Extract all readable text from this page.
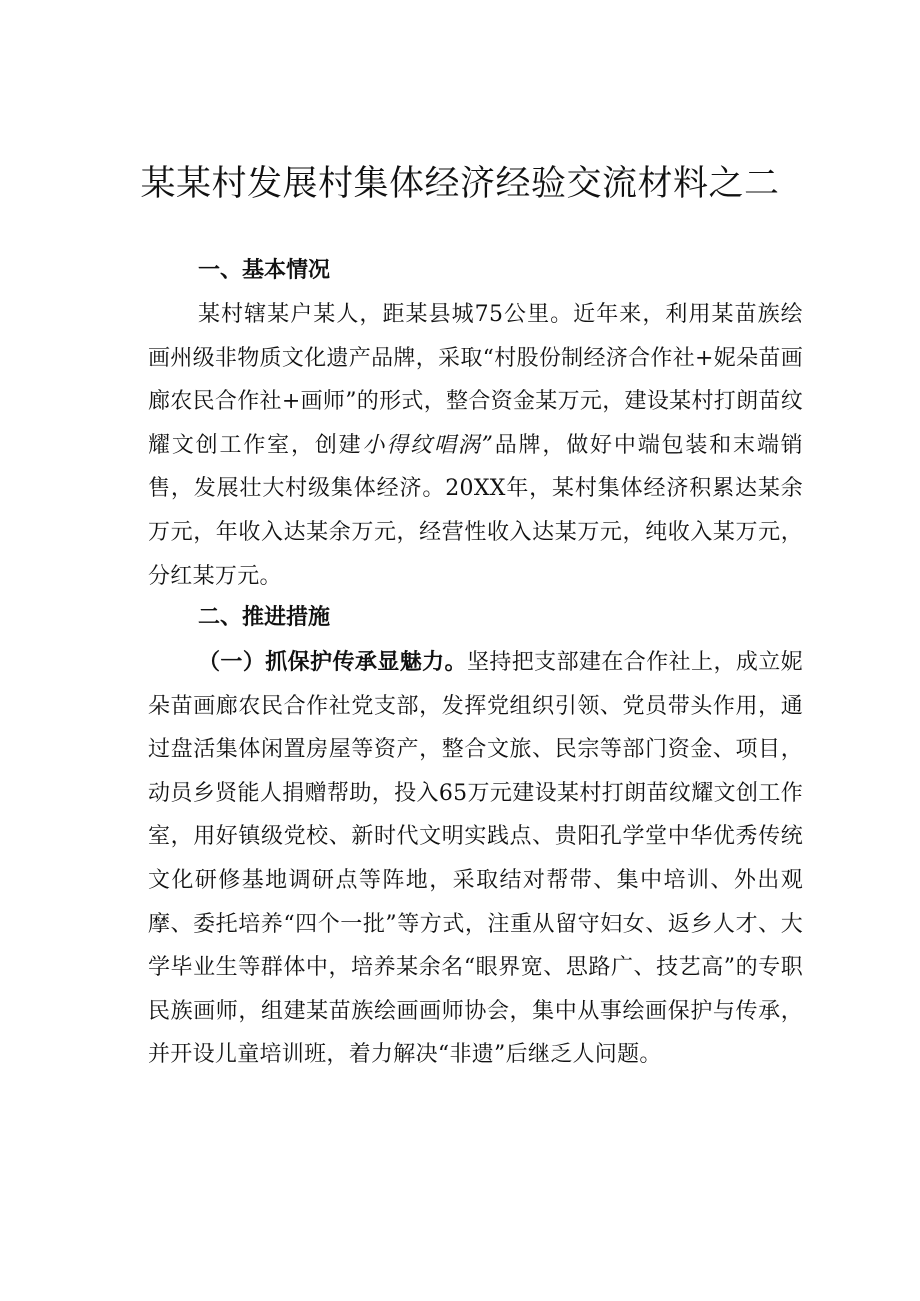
某某村发展村集体经济经验交流材料之二
一、基本情况

某村辖某户某人，距某县城75公里。近年来，利用某苗族绘画州级非物质文化遗产品牌，采取“村股份制经济合作社+妮朵苗画廊农民合作社+画师”的形式，整合资金某万元，建设某村打朗苗纹耀文创工作室，创建小得纹唱涡”品牌，做好中端包装和末端销售，发展壮大村级集体经济。20XX年，某村集体经济积累达某余万元，年收入达某余万元，经营性收入达某万元，纯收入某万元，分红某万元。

二、推进措施

（一）抓保护传承显魅力。坚持把支部建在合作社上，成立妮朵苗画廊农民合作社党支部，发挥党组织引领、党员带头作用，通过盘活集体闲置房屋等资产，整合文旅、民宗等部门资金、项目，动员乡贤能人捐赠帮助，投入65万元建设某村打朗苗纹耀文创工作室，用好镇级党校、新时代文明实践点、贵阳孔学堂中华优秀传统文化研修基地调研点等阵地，采取结对帮带、集中培训、外出观摩、委托培养“四个一批”等方式，注重从留守妇女、返乡人才、大学毕业生等群体中，培养某余名“眼界宽、思路广、技艺高”的专职民族画师，组建某苗族绘画画师协会，集中从事绘画保护与传承，并开设儿童培训班，着力解决“非遗”后继乏人问题。
